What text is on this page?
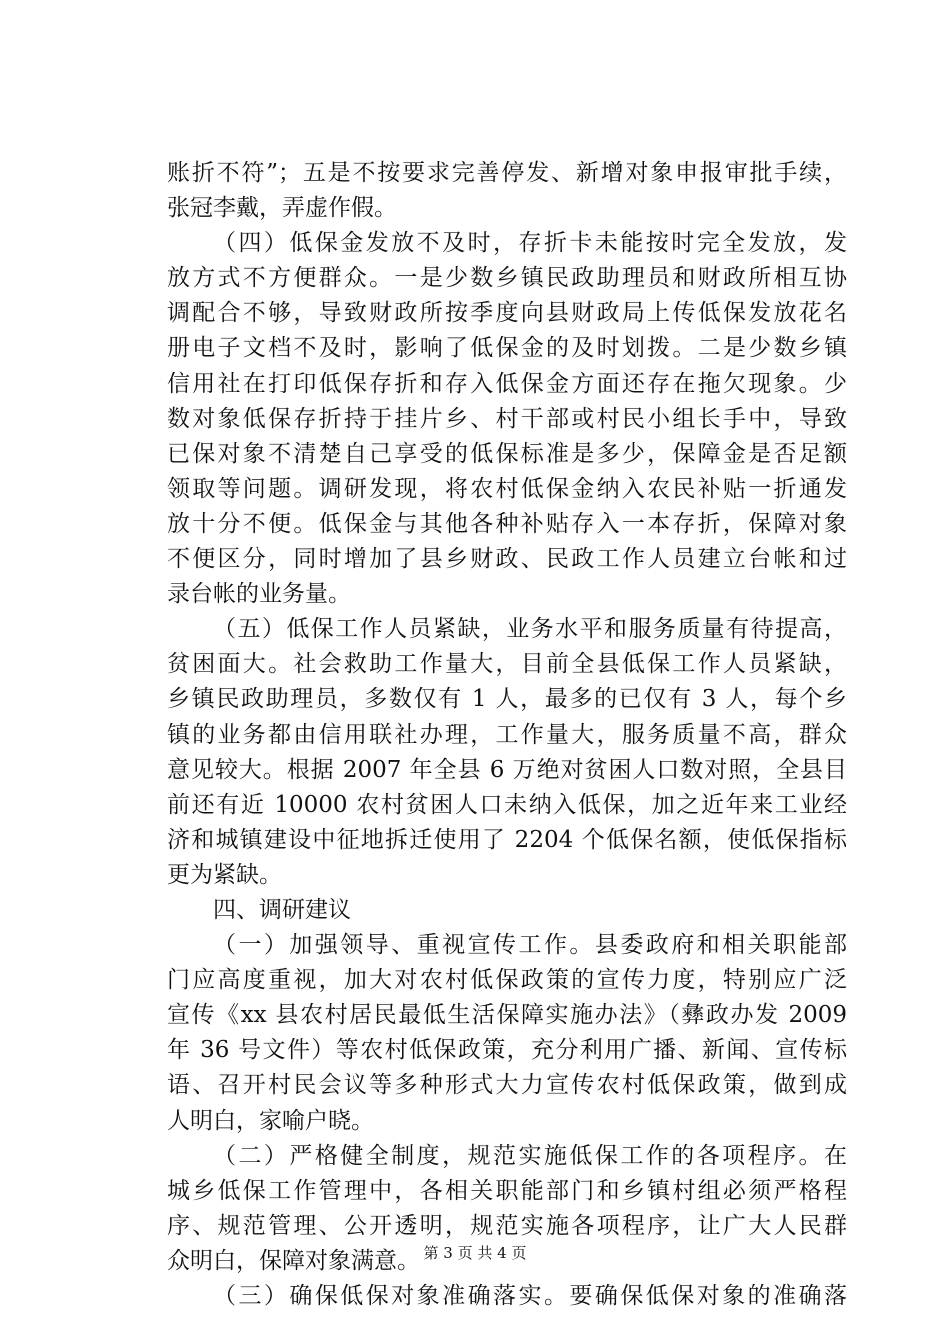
账折不符”；五是不按要求完善停发、新增对象申报审批手续，
张冠李戴，弄虚作假。
（四）低保金发放不及时，存折卡未能按时完全发放，发
放方式不方便群众。一是少数乡镇民政助理员和财政所相互协
调配合不够，导致财政所按季度向县财政局上传低保发放花名
册电子文档不及时，影响了低保金的及时划拨。二是少数乡镇
信用社在打印低保存折和存入低保金方面还存在拖欠现象。少
数对象低保存折持于挂片乡、村干部或村民小组长手中，导致
已保对象不清楚自己享受的低保标准是多少，保障金是否足额
领取等问题。调研发现，将农村低保金纳入农民补贴一折通发
放十分不便。低保金与其他各种补贴存入一本存折，保障对象
不便区分，同时增加了县乡财政、民政工作人员建立台帐和过
录台帐的业务量。
（五）低保工作人员紧缺，业务水平和服务质量有待提高，
贫困面大。社会救助工作量大，目前全县低保工作人员紧缺，
乡镇民政助理员，多数仅有 1 人，最多的已仅有 3 人，每个乡
镇的业务都由信用联社办理，工作量大，服务质量不高，群众
意见较大。根据 2007 年全县 6 万绝对贫困人口数对照，全县目
前还有近 10000 农村贫困人口未纳入低保，加之近年来工业经
济和城镇建设中征地拆迁使用了 2204 个低保名额，使低保指标
更为紧缺。
四、调研建议
（一）加强领导、重视宣传工作。县委政府和相关职能部
门应高度重视，加大对农村低保政策的宣传力度，特别应广泛
宣传《xx 县农村居民最低生活保障实施办法》（彝政办发 2009
年 36 号文件）等农村低保政策，充分利用广播、新闻、宣传标
语、召开村民会议等多种形式大力宣传农村低保政策，做到成
人明白，家喻户晓。
（二）严格健全制度，规范实施低保工作的各项程序。在
城乡低保工作管理中，各相关职能部门和乡镇村组必须严格程
序、规范管理、公开透明，规范实施各项程序，让广大人民群
众明白，保障对象满意。
（三）确保低保对象准确落实。要确保低保对象的准确落
第 3 页 共 4 页
